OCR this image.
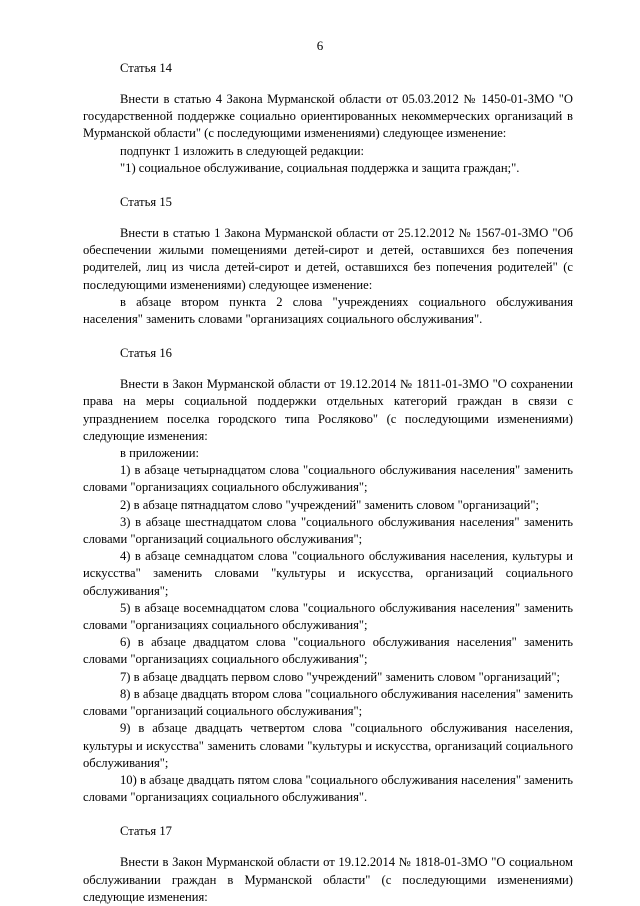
6

Статья 14

Внести в статью 4 Закона Мурманской области от 05.03.2012 № 1450-01-ЗМО "О государственной поддержке социально ориентированных некоммерческих организаций в Мурманской области" (с последующими изменениями) следующее изменение:

подпункт 1 изложить в следующей редакции:

"1) социальное обслуживание, социальная поддержка и защита граждан;".

Статья 15

Внести в статью 1 Закона Мурманской области от 25.12.2012 № 1567-01-ЗМО "Об обеспечении жилыми помещениями детей-сирот и детей, оставшихся без попечения родителей, лиц из числа детей-сирот и детей, оставшихся без попечения родителей" (с последующими изменениями) следующее изменение:

в абзаце втором пункта 2 слова "учреждениях социального обслуживания населения" заменить словами "организациях социального обслуживания".

Статья 16

Внести в Закон Мурманской области от 19.12.2014 № 1811-01-ЗМО "О сохранении права на меры социальной поддержки отдельных категорий граждан в связи с упразднением поселка городского типа Росляково" (с последующими изменениями) следующие изменения:

в приложении:

1) в абзаце четырнадцатом слова "социального обслуживания населения" заменить словами "организациях социального обслуживания";

2) в абзаце пятнадцатом слово "учреждений" заменить словом "организаций";

3) в абзаце шестнадцатом слова "социального обслуживания населения" заменить словами "организаций социального обслуживания";

4) в абзаце семнадцатом слова "социального обслуживания населения, культуры и искусства" заменить словами "культуры и искусства, организаций социального обслуживания";

5) в абзаце восемнадцатом слова "социального обслуживания населения" заменить словами "организациях социального обслуживания";

6) в абзаце двадцатом слова "социального обслуживания населения" заменить словами "организациях социального обслуживания";

7) в абзаце двадцать первом слово "учреждений" заменить словом "организаций";

8) в абзаце двадцать втором слова "социального обслуживания населения" заменить словами "организаций социального обслуживания";

9) в абзаце двадцать четвертом слова "социального обслуживания населения, культуры и искусства" заменить словами "культуры и искусства, организаций социального обслуживания";

10) в абзаце двадцать пятом слова "социального обслуживания населения" заменить словами "организациях социального обслуживания".

Статья 17

Внести в Закон Мурманской области от 19.12.2014 № 1818-01-ЗМО "О социальном обслуживании граждан в Мурманской области" (с последующими изменениями) следующие изменения:
